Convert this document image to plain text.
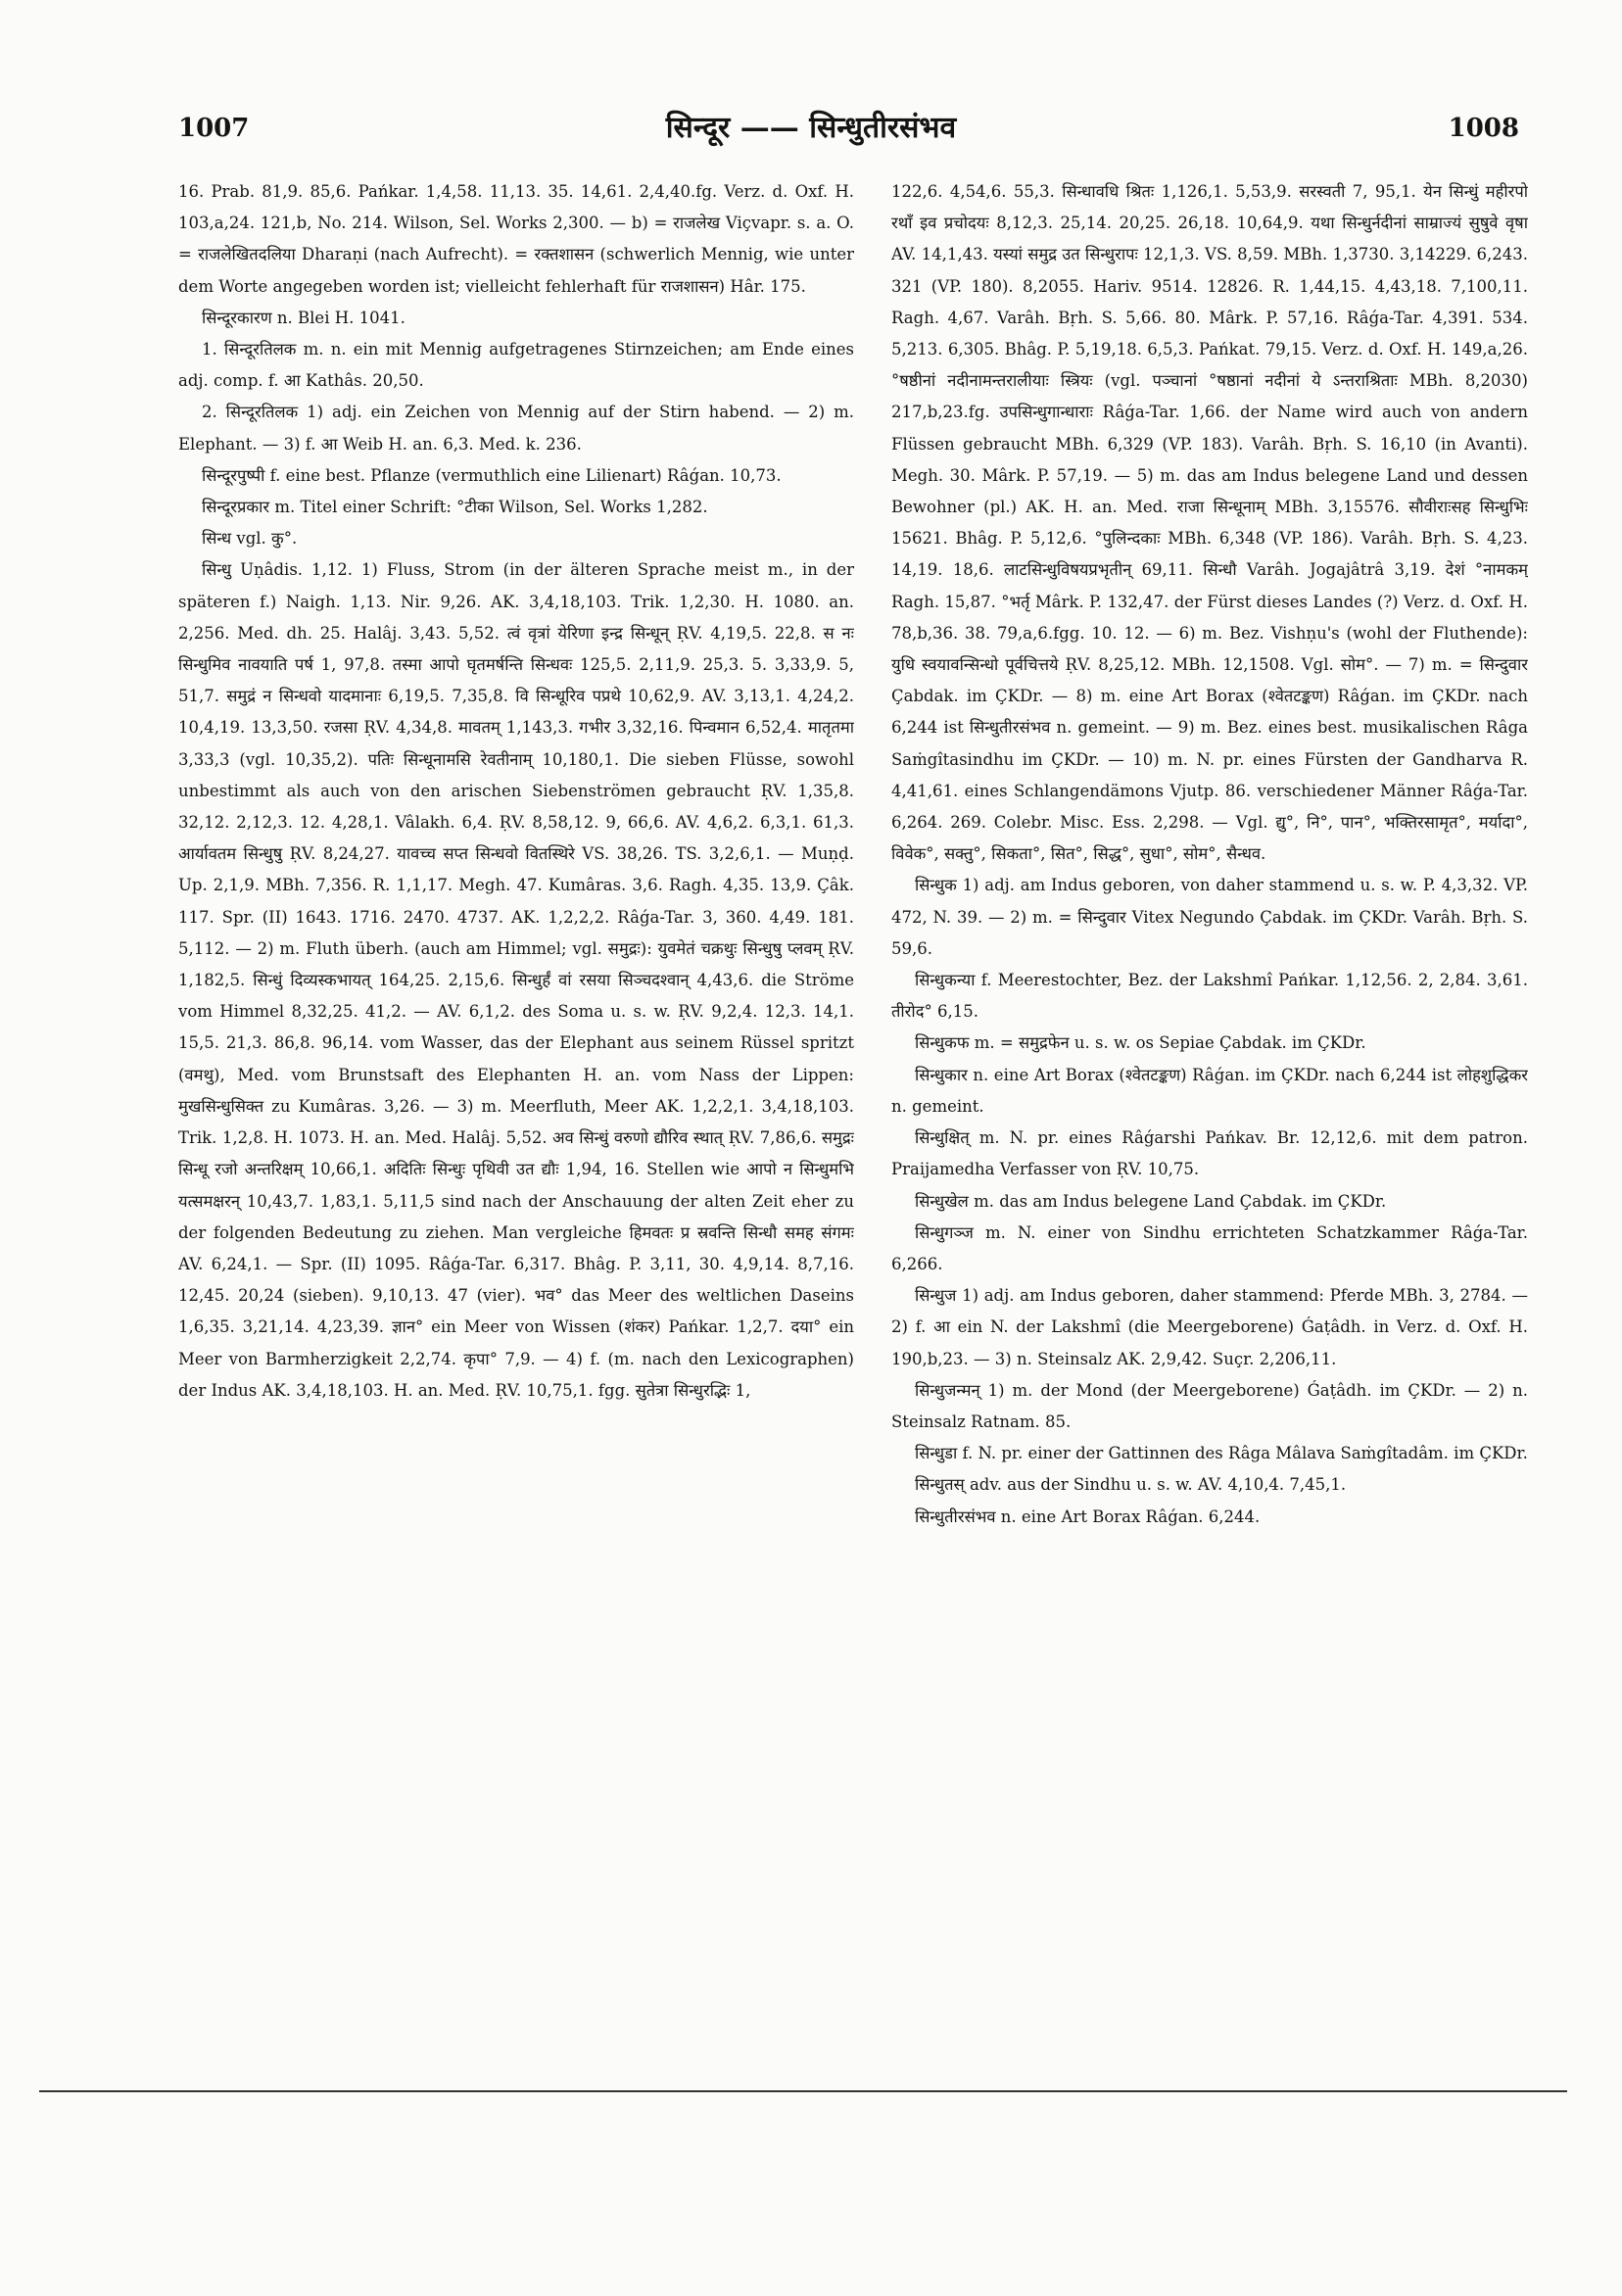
1007	सिन्दूर —— सिन्धुतीरसंभव	1008

16. Prab. 81,9. 85,6. Pańkar. 1,4,58. 11,13. 35. 14,61. 2,4,40.fg. Verz. d. Oxf. H. 103,a,24. 121,b, No. 214. Wilson, Sel. Works 2,300. — b) = राजलेख Viçvapr. s. a. O. = राजलेखितदलिया Dharaṇi (nach Aufrecht). = रक्तशासन (schwerlich Mennig, wie unter dem Worte angegeben worden ist; vielleicht fehlerhaft für राजशासन) Hâr. 175.

सिन्दूरकारण n. Blei H. 1041.

1. सिन्दूरतिलक m. n. ein mit Mennig aufgetragenes Stirnzeichen; am Ende eines adj. comp. f. आ Kathâs. 20,50.

2. सिन्दूरतिलक 1) adj. ein Zeichen von Mennig auf der Stirn habend. — 2) m. Elephant. — 3) f. आ Weib H. an. 6,3. Med. k. 236.

सिन्दूरपुष्पी f. eine best. Pflanze (vermuthlich eine Lilienart) Râǵan. 10,73.

सिन्दूरप्रकार m. Titel einer Schrift: °टीका Wilson, Sel. Works 1,282.

सिन्ध vgl. कु°.

सिन्धु Uṇâdis. 1,12. 1) Fluss, Strom (in der älteren Sprache meist m., in der späteren f.) Naigh. 1,13. Nir. 9,26. AK. 3,4,18,103. Trik. 1,2,30. H. 1080. an. 2,256. Med. dh. 25. Halâj. 3,43. 5,52. त्वं वृत्रां येरिणा इन्द्र सिन्धून् ṚV. 4,19,5. 22,8. स नः सिन्धुमिव नावयाति पर्ष 1, 97,8. तस्मा आपो घृतमर्षन्ति सिन्धवः 125,5. 2,11,9. 25,3. 5. 3,33,9. 5, 51,7. समुद्रं न सिन्धवो यादमानाः 6,19,5. 7,35,8. वि सिन्धूरिव पप्रथे 10,62,9. AV. 3,13,1. 4,24,2. 10,4,19. 13,3,50. रजसा ṚV. 4,34,8. मावतम् 1,143,3. गभीर 3,32,16. पिन्वमान 6,52,4. मातृतमा 3,33,3 (vgl. 10,35,2). पतिः सिन्धूनामसि रेवतीनाम् 10,180,1. Die sieben Flüsse, sowohl unbestimmt als auch von den arischen Siebenströmen gebraucht ṚV. 1,35,8. 32,12. 2,12,3. 12. 4,28,1. Vâlakh. 6,4. ṚV. 8,58,12. 9, 66,6. AV. 4,6,2. 6,3,1. 61,3. आर्यावतम सिन्धुषु ṚV. 8,24,27. यावच्च सप्त सिन्धवो वितस्थिरे VS. 38,26. TS. 3,2,6,1. — Muṇḍ. Up. 2,1,9. MBh. 7,356. R. 1,1,17. Megh. 47. Kumâras. 3,6. Ragh. 4,35. 13,9. Çâk. 117. Spr. (II) 1643. 1716. 2470. 4737. AK. 1,2,2,2. Râǵa-Tar. 3, 360. 4,49. 181. 5,112. — 2) m. Fluth überh. (auch am Himmel; vgl. समुद्रः): युवमेतं चक्रथुः सिन्धुषु प्लवम् ṚV. 1,182,5. सिन्धुं दिव्यस्कभायत् 164,25. 2,15,6. सिन्धुर्हं वां रसया सिञ्चदश्वान् 4,43,6. die Ströme vom Himmel 8,32,25. 41,2. — AV. 6,1,2. des Soma u. s. w. ṚV. 9,2,4. 12,3. 14,1. 15,5. 21,3. 86,8. 96,14. vom Wasser, das der Elephant aus seinem Rüssel spritzt (वमथु), Med. vom Brunstsaft des Elephanten H. an. vom Nass der Lippen: मुखसिन्धुसिक्त zu Kumâras. 3,26. — 3) m. Meerfluth, Meer AK. 1,2,2,1. 3,4,18,103. Trik. 1,2,8. H. 1073. H. an. Med. Halâj. 5,52. अव सिन्धुं वरुणो द्यौरिव स्थात् ṚV. 7,86,6. समुद्रः सिन्धू रजो अन्तरिक्षम् 10,66,1. अदितिः सिन्धुः पृथिवी उत द्यौः 1,94, 16. Stellen wie आपो न सिन्धुमभि यत्समक्षरन् 10,43,7. 1,83,1. 5,11,5 sind nach der Anschauung der alten Zeit eher zu der folgenden Bedeutung zu ziehen. Man vergleiche हिमवतः प्र स्रवन्ति सिन्धौ समह संगमः AV. 6,24,1. — Spr. (II) 1095. Râǵa-Tar. 6,317. Bhâg. P. 3,11, 30. 4,9,14. 8,7,16. 12,45. 20,24 (sieben). 9,10,13. 47 (vier). भव° das Meer des weltlichen Daseins 1,6,35. 3,21,14. 4,23,39. ज्ञान° ein Meer von Wissen (शंकर) Pańkar. 1,2,7. दया° ein Meer von Barmherzigkeit 2,2,74. कृपा° 7,9. — 4) f. (m. nach den Lexicographen) der Indus AK. 3,4,18,103. H. an. Med. ṚV. 10,75,1. fgg. सुतेत्रा सिन्धुरद्भिः 1,

122,6. 4,54,6. 55,3. सिन्धावधि श्रितः 1,126,1. 5,53,9. सरस्वती 7, 95,1. येन सिन्धुं महीरपो रथाँ इव प्रचोदयः 8,12,3. 25,14. 20,25. 26,18. 10,64,9. यथा सिन्धुर्नदीनां साम्राज्यं सुषुवे वृषा AV. 14,1,43. यस्यां समुद्र उत सिन्धुरापः 12,1,3. VS. 8,59. MBh. 1,3730. 3,14229. 6,243. 321 (VP. 180). 8,2055. Hariv. 9514. 12826. R. 1,44,15. 4,43,18. 7,100,11. Ragh. 4,67. Varâh. Bṛh. S. 5,66. 80. Mârk. P. 57,16. Râǵa-Tar. 4,391. 534. 5,213. 6,305. Bhâg. P. 5,19,18. 6,5,3. Pańkat. 79,15. Verz. d. Oxf. H. 149,a,26. °षष्ठीनां नदीनामन्तरालीयाः स्त्रियः (vgl. पञ्चानां °षष्ठानां नदीनां ये ऽन्तराश्रिताः MBh. 8,2030) 217,b,23.fg. उपसिन्धुगान्धाराः Râǵa-Tar. 1,66. der Name wird auch von andern Flüssen gebraucht MBh. 6,329 (VP. 183). Varâh. Bṛh. S. 16,10 (in Avanti). Megh. 30. Mârk. P. 57,19. — 5) m. das am Indus belegene Land und dessen Bewohner (pl.) AK. H. an. Med. राजा सिन्धूनाम् MBh. 3,15576. सौवीराःसह सिन्धुभिः 15621. Bhâg. P. 5,12,6. °पुलिन्दकाः MBh. 6,348 (VP. 186). Varâh. Bṛh. S. 4,23. 14,19. 18,6. लाटसिन्धुविषयप्रभृतीन् 69,11. सिन्धौ Varâh. Jogajâtrâ 3,19. देशं °नामकम् Ragh. 15,87. °भर्तृ Mârk. P. 132,47. der Fürst dieses Landes (?) Verz. d. Oxf. H. 78,b,36. 38. 79,a,6.fgg. 10. 12. — 6) m. Bez. Vishṇu's (wohl der Fluthende): युधि स्वयावन्सिन्धो पूर्वचित्तये ṚV. 8,25,12. MBh. 12,1508. Vgl. सोम°. — 7) m. = सिन्दुवार Çabdak. im ÇKDr. — 8) m. eine Art Borax (श्वेतटङ्कण) Râǵan. im ÇKDr. nach 6,244 ist सिन्धुतीरसंभव n. gemeint. — 9) m. Bez. eines best. musikalischen Râga Saṁgîtasindhu im ÇKDr. — 10) m. N. pr. eines Fürsten der Gandharva R. 4,41,61. eines Schlangendämons Vjutp. 86. verschiedener Männer Râǵa-Tar. 6,264. 269. Colebr. Misc. Ess. 2,298. — Vgl. द्यु°, नि°, पान°, भक्तिरसामृत°, मर्यादा°, विवेक°, सक्तु°, सिकता°, सित°, सिद्ध°, सुधा°, सोम°, सैन्धव.

सिन्धुक 1) adj. am Indus geboren, von daher stammend u. s. w. P. 4,3,32. VP. 472, N. 39. — 2) m. = सिन्दुवार Vitex Negundo Çabdak. im ÇKDr. Varâh. Bṛh. S. 59,6.

सिन्धुकन्या f. Meerestochter, Bez. der Lakshmî Pańkar. 1,12,56. 2, 2,84. 3,61. तीरोद° 6,15.

सिन्धुकफ m. = समुद्रफेन u. s. w. os Sepiae Çabdak. im ÇKDr.

सिन्धुकार n. eine Art Borax (श्वेतटङ्कण) Râǵan. im ÇKDr. nach 6,244 ist लोहशुद्धिकर n. gemeint.

सिन्धुक्षित् m. N. pr. eines Râǵarshi Pańkav. Br. 12,12,6. mit dem patron. Praijamedha Verfasser von ṚV. 10,75.

सिन्धुखेल m. das am Indus belegene Land Çabdak. im ÇKDr.

सिन्धुगञ्ज m. N. einer von Sindhu errichteten Schatzkammer Râǵa-Tar. 6,266.

सिन्धुज 1) adj. am Indus geboren, daher stammend: Pferde MBh. 3, 2784. — 2) f. आ ein N. der Lakshmî (die Meergeborene) Ǵaṭâdh. in Verz. d. Oxf. H. 190,b,23. — 3) n. Steinsalz AK. 2,9,42. Suçr. 2,206,11.

सिन्धुजन्मन् 1) m. der Mond (der Meergeborene) Ǵaṭâdh. im ÇKDr. — 2) n. Steinsalz Ratnam. 85.

सिन्धुडा f. N. pr. einer der Gattinnen des Râga Mâlava Saṁgîtadâm. im ÇKDr.

सिन्धुतस् adv. aus der Sindhu u. s. w. AV. 4,10,4. 7,45,1.

सिन्धुतीरसंभव n. eine Art Borax Râǵan. 6,244.
